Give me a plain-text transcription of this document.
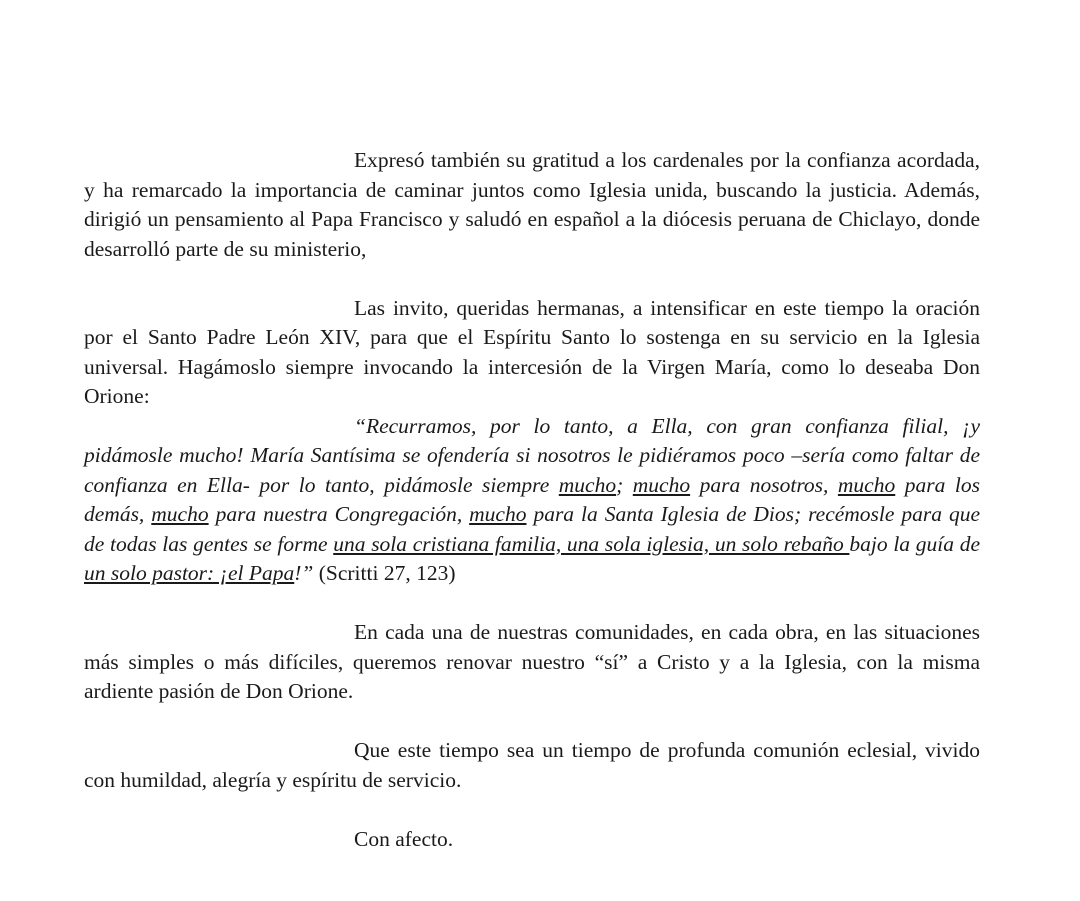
Expresó también su gratitud a los cardenales por la confianza acordada, y ha remarcado la importancia de caminar juntos como Iglesia unida, buscando la justicia. Además, dirigió un pensamiento al Papa Francisco y saludó en español a la diócesis peruana de Chiclayo, donde desarrolló parte de su ministerio,

Las invito, queridas hermanas, a intensificar en este tiempo la oración por el Santo Padre León XIV, para que el Espíritu Santo lo sostenga en su servicio en la Iglesia universal. Hagámoslo siempre invocando la intercesión de la Virgen María, como lo deseaba Don Orione:

“Recurramos, por lo tanto, a Ella, con gran confianza filial, ¡y pidámosle mucho! María Santísima se ofendería si nosotros le pidiéramos poco –sería como faltar de confianza en Ella- por lo tanto, pidámosle siempre mucho; mucho para nosotros, mucho para los demás, mucho para nuestra Congregación, mucho para la Santa Iglesia de Dios; recémosle para que de todas las gentes se forme una sola cristiana familia, una sola iglesia, un solo rebaño bajo la guía de un solo pastor: ¡el Papa!” (Scritti 27, 123)

En cada una de nuestras comunidades, en cada obra, en las situaciones más simples o más difíciles, queremos renovar nuestro “sí” a Cristo y a la Iglesia, con la misma ardiente pasión de Don Orione.

Que este tiempo sea un tiempo de profunda comunión eclesial, vivido con humildad, alegría y espíritu de servicio.

Con afecto.
